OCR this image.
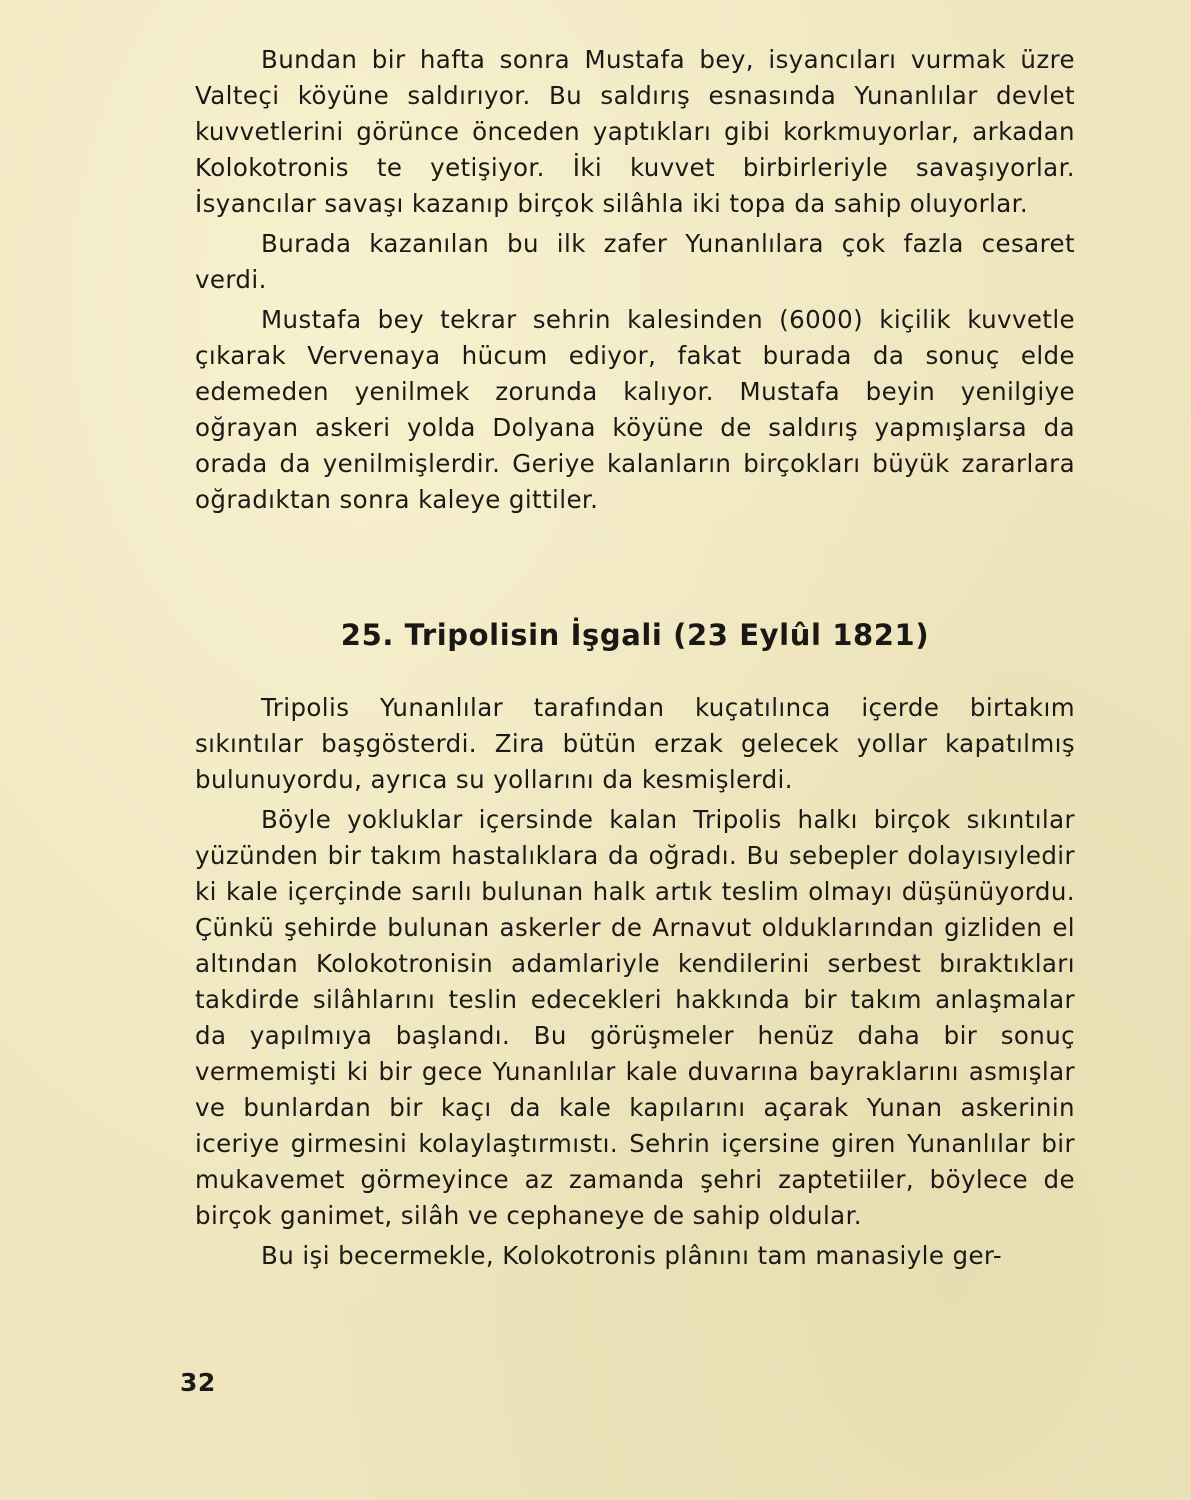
Bundan bir hafta sonra Mustafa bey, isyancıları vurmak üzre Valteçi köyüne saldırıyor. Bu saldırış esnasında Yunanlılar devlet kuvvetlerini görünce önceden yaptıkları gibi korkmuyorlar, arkadan Kolokotronis te yetişiyor. İki kuvvet birbirleriyle savaşıyorlar. İsyancılar savaşı kazanıp birçok silâhla iki topa da sahip oluyorlar.

Burada kazanılan bu ilk zafer Yunanlılara çok fazla cesaret verdi.

Mustafa bey tekrar sehrin kalesinden (6000) kiçilik kuvvetle çıkarak Vervenaya hücum ediyor, fakat burada da sonuç elde edemeden yenilmek zorunda kalıyor. Mustafa beyin yenilgiye oğrayan askeri yolda Dolyana köyüne de saldırış yapmışlarsa da orada da yenilmişlerdir. Geriye kalanların birçokları büyük zararlara oğradıktan sonra kaleye gittiler.

25. Tripolisin İşgali (23 Eylûl 1821)

Tripolis Yunanlılar tarafından kuçatılınca içerde birtakım sıkıntılar başgösterdi. Zira bütün erzak gelecek yollar kapatılmış bulunuyordu, ayrıca su yollarını da kesmişlerdi.

Böyle yokluklar içersinde kalan Tripolis halkı birçok sıkıntılar yüzünden bir takım hastalıklara da oğradı. Bu sebepler dolayısıyledir ki kale içerçinde sarılı bulunan halk artık teslim olmayı düşünüyordu. Çünkü şehirde bulunan askerler de Arnavut olduklarından gizliden el altından Kolokotronisin adamlariyle kendilerini serbest bıraktıkları takdirde silâhlarını teslin edecekleri hakkında bir takım anlaşmalar da yapılmıya başlandı. Bu görüşmeler henüz daha bir sonuç vermemişti ki bir gece Yunanlılar kale duvarına bayraklarını asmışlar ve bunlardan bir kaçı da kale kapılarını açarak Yunan askerinin iceriye girmesini kolaylaştırmıstı. Sehrin içersine giren Yunanlılar bir mukavemet görmeyince az zamanda şehri zaptetiiler, böylece de birçok ganimet, silâh ve cephaneye de sahip oldular.

Bu işi becermekle, Kolokotronis plânını tam manasiyle ger-

32
